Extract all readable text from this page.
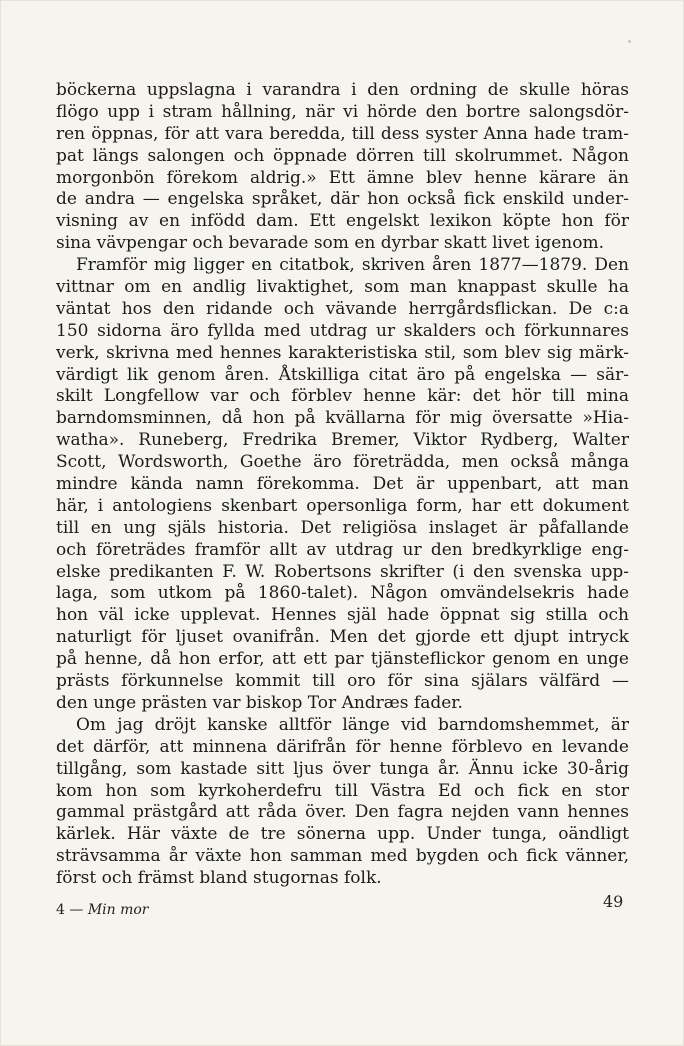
böckerna uppslagna i varandra i den ordning de skulle höras
flögo upp i stram hållning, när vi hörde den bortre salongsdör-
ren öppnas, för att vara beredda, till dess syster Anna hade tram-
pat längs salongen och öppnade dörren till skolrummet. Någon
morgonbön förekom aldrig.» Ett ämne blev henne kärare än
de andra — engelska språket, där hon också fick enskild under-
visning av en infödd dam. Ett engelskt lexikon köpte hon för
sina vävpengar och bevarade som en dyrbar skatt livet igenom.
Framför mig ligger en citatbok, skriven åren 1877—1879. Den
vittnar om en andlig livaktighet, som man knappast skulle ha
väntat hos den ridande och vävande herrgårdsflickan. De c:a
150 sidorna äro fyllda med utdrag ur skalders och förkunnares
verk, skrivna med hennes karakteristiska stil, som blev sig märk-
värdigt lik genom åren. Åtskilliga citat äro på engelska — sär-
skilt Longfellow var och förblev henne kär: det hör till mina
barndomsminnen, då hon på kvällarna för mig översatte »Hia-
watha». Runeberg, Fredrika Bremer, Viktor Rydberg, Walter
Scott, Wordsworth, Goethe äro företrädda, men också många
mindre kända namn förekomma. Det är uppenbart, att man
här, i antologiens skenbart opersonliga form, har ett dokument
till en ung själs historia. Det religiösa inslaget är påfallande
och företrädes framför allt av utdrag ur den bredkyrklige eng-
elske predikanten F. W. Robertsons skrifter (i den svenska upp-
laga, som utkom på 1860-talet). Någon omvändelsekris hade
hon väl icke upplevat. Hennes själ hade öppnat sig stilla och
naturligt för ljuset ovanifrån. Men det gjorde ett djupt intryck
på henne, då hon erfor, att ett par tjänsteflickor genom en unge
prästs förkunnelse kommit till oro för sina själars välfärd —
den unge prästen var biskop Tor Andræs fader.
Om jag dröjt kanske alltför länge vid barndomshemmet, är
det därför, att minnena därifrån för henne förblevo en levande
tillgång, som kastade sitt ljus över tunga år. Ännu icke 30-årig
kom hon som kyrkoherdefru till Västra Ed och fick en stor
gammal prästgård att råda över. Den fagra nejden vann hennes
kärlek. Här växte de tre sönerna upp. Under tunga, oändligt
strävsamma år växte hon samman med bygden och fick vänner,
först och främst bland stugornas folk.
4 — Min mor	49
